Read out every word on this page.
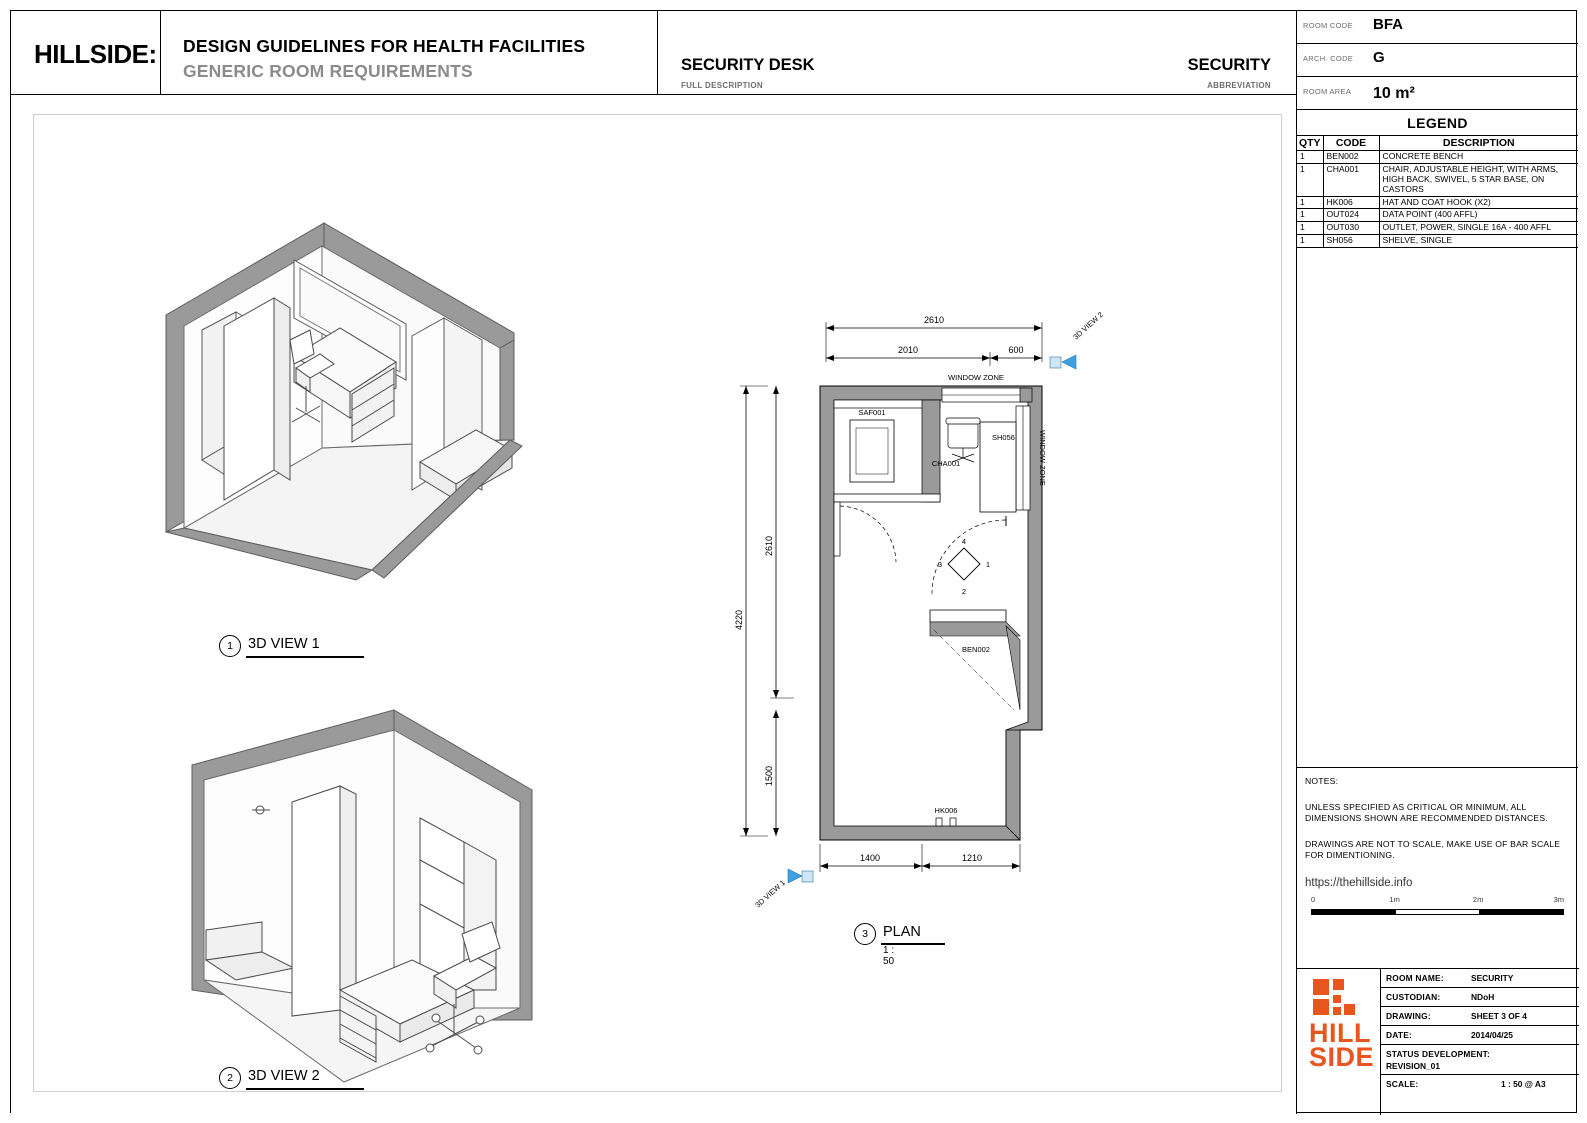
HILLSIDE: DESIGN GUIDELINES FOR HEALTH FACILITIES
GENERIC ROOM REQUIREMENTS	SECURITY DESK
FULL DESCRIPTION
SECURITY
ABBREVIATION
1	3D VIEW 1
2	3D VIEW 2
2610
2010	600
4220
2610
1500
WINDOW ZONE
WINDOW ZONE
SAF001
CHA001
SH056
4
1
2
3
BEN002
HK006
1400	1210
3D VIEW 2
3D VIEW 1
3	PLAN
1 : 50
ROOM CODE BFA
ARCH. CODE G
ROOM AREA 10 m²
LEGEND
QTY	CODE	DESCRIPTION
1	BEN002	CONCRETE BENCH
1	CHA001	CHAIR, ADJUSTABLE HEIGHT, WITH ARMS, HIGH BACK, SWIVEL, 5 STAR BASE, ON CASTORS
1	HK006	HAT AND COAT HOOK (X2)
1	OUT024	DATA POINT (400 AFFL)
1	OUT030	OUTLET, POWER, SINGLE 16A - 400 AFFL
1	SH056	SHELVE, SINGLE
NOTES:
UNLESS SPECIFIED AS CRITICAL OR MINIMUM, ALL DIMENSIONS SHOWN ARE RECOMMENDED DISTANCES.
DRAWINGS ARE NOT TO SCALE, MAKE USE OF BAR SCALE FOR DIMENTIONING.
https://thehillside.info
0	1m	2m	3m
HILL
SIDE
ROOM NAME:	SECURITY
CUSTODIAN:	NDoH
DRAWING:	SHEET 3 OF 4
DATE:	2014/04/25
STATUS DEVELOPMENT:
REVISION_01
SCALE:	1 : 50 @ A3
